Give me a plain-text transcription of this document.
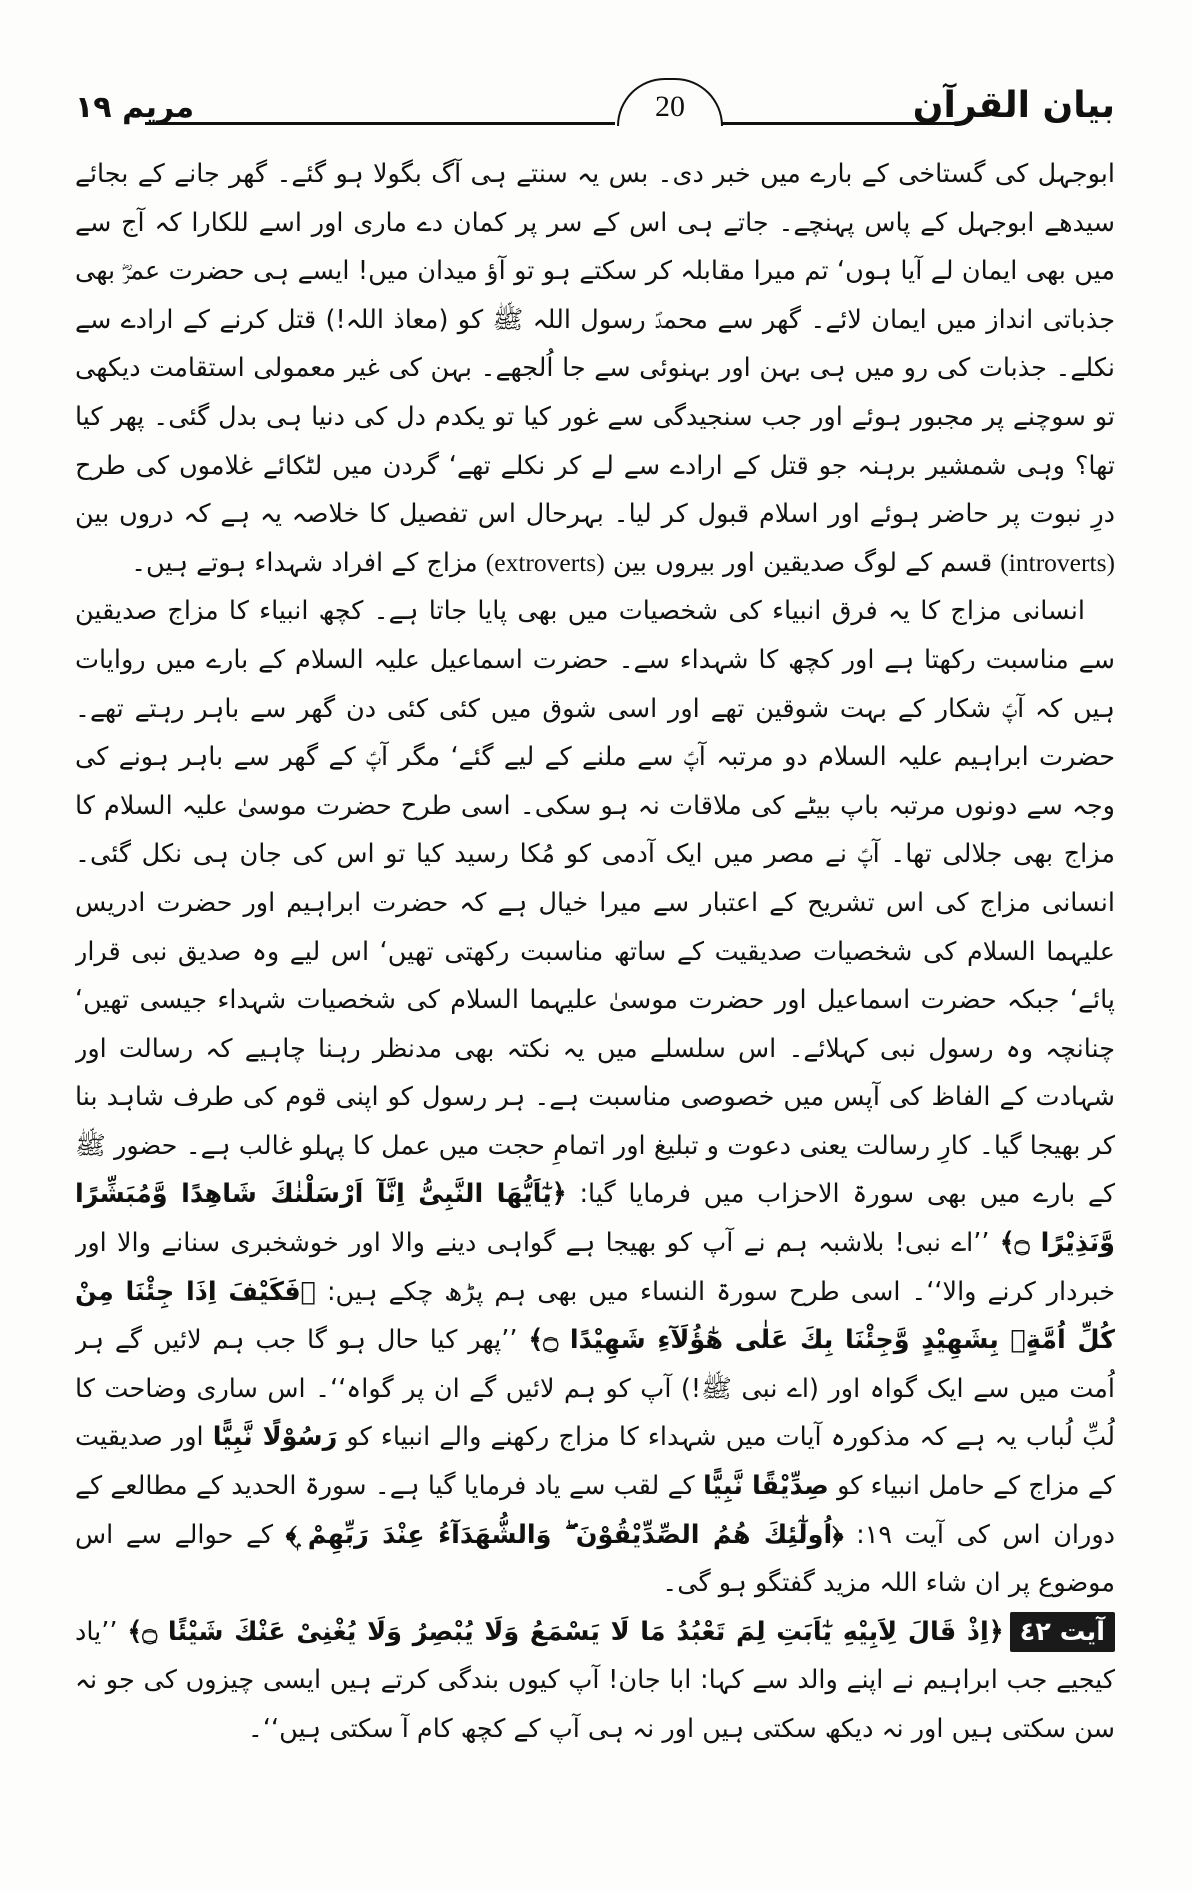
بیان القرآن
20
مریم ١٩

ابوجہل کی گستاخی کے بارے میں خبر دی۔ بس یہ سنتے ہی آگ بگولا ہو گئے۔ گھر جانے کے بجائے سیدھے ابوجہل کے پاس پہنچے۔ جاتے ہی اس کے سر پر کمان دے ماری اور اسے للکارا کہ آج سے میں بھی ایمان لے آیا ہوں‘ تم میرا مقابلہ کر سکتے ہو تو آؤ میدان میں! ایسے ہی حضرت عمرؓ بھی جذباتی انداز میں ایمان لائے۔ گھر سے محمدؐ رسول اللہ ﷺ کو (معاذ اللہ!) قتل کرنے کے ارادے سے نکلے۔ جذبات کی رو میں ہی بہن اور بہنوئی سے جا اُلجھے۔ بہن کی غیر معمولی استقامت دیکھی تو سوچنے پر مجبور ہوئے اور جب سنجیدگی سے غور کیا تو یکدم دل کی دنیا ہی بدل گئی۔ پھر کیا تھا؟ وہی شمشیر برہنہ جو قتل کے ارادے سے لے کر نکلے تھے‘ گردن میں لٹکائے غلاموں کی طرح درِ نبوت پر حاضر ہوئے اور اسلام قبول کر لیا۔ بہرحال اس تفصیل کا خلاصہ یہ ہے کہ دروں بین (introverts) قسم کے لوگ صدیقین اور بیروں بین (extroverts) مزاج کے افراد شہداء ہوتے ہیں۔

انسانی مزاج کا یہ فرق انبیاء کی شخصیات میں بھی پایا جاتا ہے۔ کچھ انبیاء کا مزاج صدیقین سے مناسبت رکھتا ہے اور کچھ کا شہداء سے۔ حضرت اسماعیل علیہ السلام کے بارے میں روایات ہیں کہ آپؑ شکار کے بہت شوقین تھے اور اسی شوق میں کئی کئی دن گھر سے باہر رہتے تھے۔ حضرت ابراہیم علیہ السلام دو مرتبہ آپؑ سے ملنے کے لیے گئے‘ مگر آپؑ کے گھر سے باہر ہونے کی وجہ سے دونوں مرتبہ باپ بیٹے کی ملاقات نہ ہو سکی۔ اسی طرح حضرت موسیٰ علیہ السلام کا مزاج بھی جلالی تھا۔ آپؑ نے مصر میں ایک آدمی کو مُکا رسید کیا تو اس کی جان ہی نکل گئی۔ انسانی مزاج کی اس تشریح کے اعتبار سے میرا خیال ہے کہ حضرت ابراہیم اور حضرت ادریس علیہما السلام کی شخصیات صدیقیت کے ساتھ مناسبت رکھتی تھیں‘ اس لیے وہ صدیق نبی قرار پائے‘ جبکہ حضرت اسماعیل اور حضرت موسیٰ علیہما السلام کی شخصیات شہداء جیسی تھیں‘ چنانچہ وہ رسول نبی کہلائے۔ اس سلسلے میں یہ نکتہ بھی مدنظر رہنا چاہیے کہ رسالت اور شہادت کے الفاظ کی آپس میں خصوصی مناسبت ہے۔ ہر رسول کو اپنی قوم کی طرف شاہد بنا کر بھیجا گیا۔ کارِ رسالت یعنی دعوت و تبلیغ اور اتمامِ حجت میں عمل کا پہلو غالب ہے۔ حضور ﷺ کے بارے میں بھی سورۃ الاحزاب میں فرمایا گیا: ﴿یٰٓاَیُّهَا النَّبِیُّ اِنَّآ اَرْسَلْنٰكَ شَاهِدًا وَّمُبَشِّرًا وَّنَذِیْرًا ۝﴾ ’’اے نبی! بلاشبہ ہم نے آپ کو بھیجا ہے گواہی دینے والا اور خوشخبری سنانے والا اور خبردار کرنے والا‘‘۔ اسی طرح سورۃ النساء میں بھی ہم پڑھ چکے ہیں: ﴿فَكَیْفَ اِذَا جِئْنَا مِنْ كُلِّ اُمَّةٍۭ بِشَهِیْدٍ وَّجِئْنَا بِكَ عَلٰى هٰٓؤُلَآءِ شَهِیْدًا ۝﴾ ’’پھر کیا حال ہو گا جب ہم لائیں گے ہر اُمت میں سے ایک گواہ اور (اے نبی ﷺ!) آپ کو ہم لائیں گے ان پر گواہ‘‘۔ اس ساری وضاحت کا لُبِّ لُباب یہ ہے کہ مذکورہ آیات میں شہداء کا مزاج رکھنے والے انبیاء کو رَسُوْلًا نَّبِیًّا اور صدیقیت کے مزاج کے حامل انبیاء کو صِدِّیْقًا نَّبِیًّا کے لقب سے یاد فرمایا گیا ہے۔ سورۃ الحدید کے مطالعے کے دوران اس کی آیت ١٩: ﴿اُولٰٓئِكَ هُمُ الصِّدِّیْقُوْنَ ۖ وَالشُّهَدَآءُ عِنْدَ رَبِّهِمْ ۭ﴾ کے حوالے سے اس موضوع پر ان شاء اللہ مزید گفتگو ہو گی۔

آیت ٤٢﴿اِذْ قَالَ لِاَبِیْهِ یٰٓاَبَتِ لِمَ تَعْبُدُ مَا لَا یَسْمَعُ وَلَا یُبْصِرُ وَلَا یُغْنِیْ عَنْكَ شَیْئًا ۝﴾ ’’یاد کیجیے جب ابراہیم نے اپنے والد سے کہا: ابا جان! آپ کیوں بندگی کرتے ہیں ایسی چیزوں کی جو نہ سن سکتی ہیں اور نہ دیکھ سکتی ہیں اور نہ ہی آپ کے کچھ کام آ سکتی ہیں‘‘۔
